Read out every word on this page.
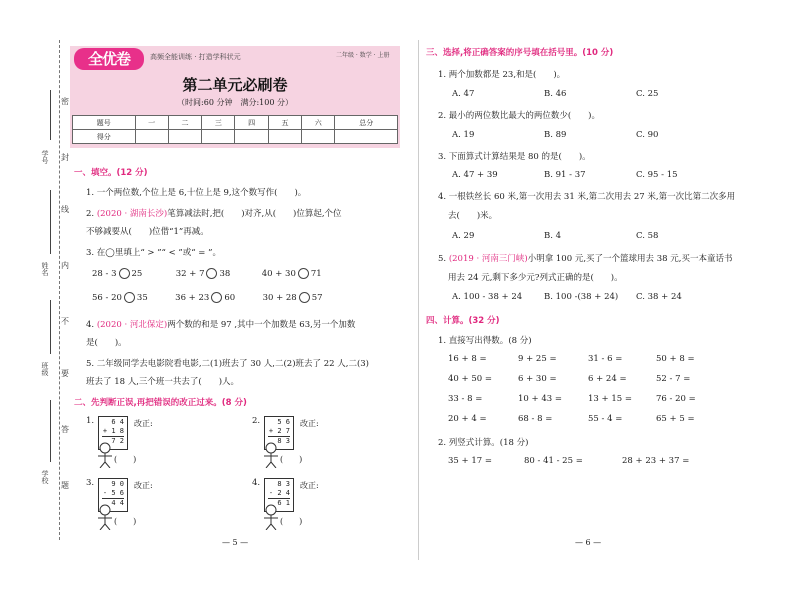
密
封
线
内
不
要
答
题
学号
姓名
班级
学校
全优卷	高频全能训练 · 打造学科状元	二年级 · 数学 · 上册
第二单元必刷卷
（时间:60 分钟　满分:100 分）
题号	一	二	三	四	五	六	总分
得分							
一、填空。(12 分)
1. 一个两位数,个位上是 6,十位上是 9,这个数写作(　　)。
2. (2020 · 湖南长沙)笔算减法时,把(　　)对齐,从(　　)位算起,个位
不够减要从(　　)位借“1”再减。
3. 在◯里填上“ > ”“ < ”或“ = ”。
28 - 3 25	32 + 7 38	40 + 30 71
56 - 20 35	36 + 23 60	30 + 28 57
4. (2020 · 河北保定)两个数的和是 97 ,其中一个加数是 63,另一个加数
是(　　)。
5. 二年级同学去电影院看电影,二(1)班去了 30 人,二(2)班去了 22 人,二(3)
班去了 18 人,三个班一共去了(　　)人。
二、先判断正误,再把错误的改正过来。(8 分)
1.	6 4
+ 1 8
7 2
(　　)
改正:	2.	5 6
+ 2 7
8 3
(　　)
改正:
3.	9 0
- 5 6
4 4
(　　)
改正:	4.	8 3
- 2 4
6 1
(　　)
改正:
— 5 —
三、选择,将正确答案的序号填在括号里。(10 分)
1. 两个加数都是 23,和是(　　)。
A. 47	B. 46	C. 25
2. 最小的两位数比最大的两位数少(　　)。
A. 19	B. 89	C. 90
3. 下面算式计算结果是 80 的是(　　)。
A. 47 + 39	B. 91 - 37	C. 95 - 15
4. 一根铁丝长 60 米,第一次用去 31 米,第二次用去 27 米,第一次比第二次多用
去(　　)米。
A. 29	B. 4	C. 58
5. (2019 · 河南三门峡)小明拿 100 元,买了一个篮球用去 38 元,买一本童话书
用去 24 元,剩下多少元?列式正确的是(　　)。
A. 100 - 38 + 24	B. 100 -(38 + 24) C. 38 + 24
四、计算。(32 分)
1. 直接写出得数。(8 分)
16 + 8 =	9 + 25 =	31 - 6 =	50 + 8 =
40 + 50 =	6 + 30 =	6 + 24 =	52 - 7 =
33 - 8 =	10 + 43 =	13 + 15 =	76 - 20 =
20 + 4 =	68 - 8 =	55 - 4 =	65 + 5 =
2. 列竖式计算。(18 分)
35 + 17 =	80 - 41 - 25 =	28 + 23 + 37 =
— 6 —
